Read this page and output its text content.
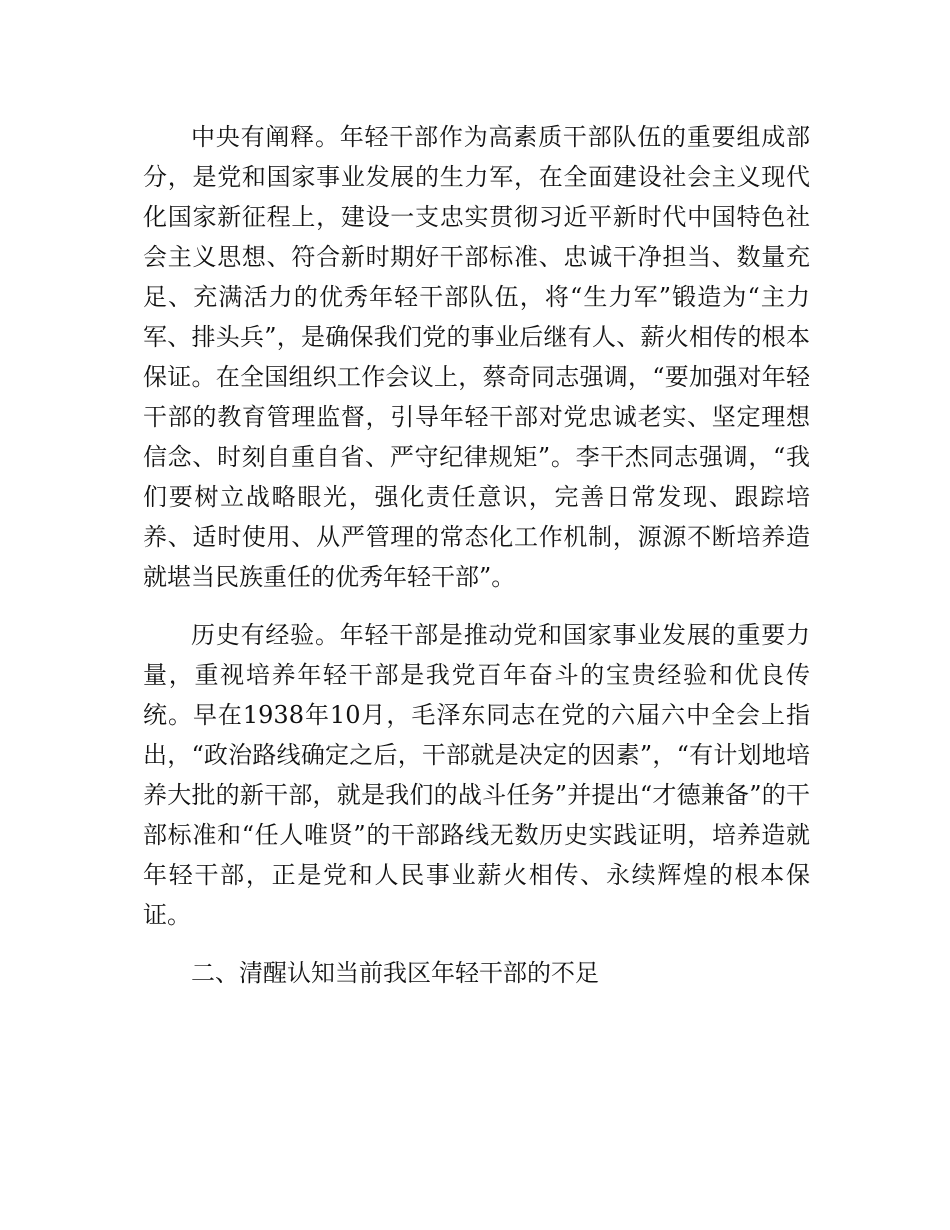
中央有阐释。年轻干部作为高素质干部队伍的重要组成部分，是党和国家事业发展的生力军，在全面建设社会主义现代化国家新征程上，建设一支忠实贯彻习近平新时代中国特色社会主义思想、符合新时期好干部标准、忠诚干净担当、数量充足、充满活力的优秀年轻干部队伍，将“生力军”锻造为“主力军、排头兵”，是确保我们党的事业后继有人、薪火相传的根本保证。在全国组织工作会议上，蔡奇同志强调，“要加强对年轻干部的教育管理监督，引导年轻干部对党忠诚老实、坚定理想信念、时刻自重自省、严守纪律规矩”。李干杰同志强调，“我们要树立战略眼光，强化责任意识，完善日常发现、跟踪培养、适时使用、从严管理的常态化工作机制，源源不断培养造就堪当民族重任的优秀年轻干部”。

历史有经验。年轻干部是推动党和国家事业发展的重要力量，重视培养年轻干部是我党百年奋斗的宝贵经验和优良传统。早在1938年10月，毛泽东同志在党的六届六中全会上指出，“政治路线确定之后，干部就是决定的因素”，“有计划地培养大批的新干部，就是我们的战斗任务”并提出“才德兼备”的干部标准和“任人唯贤”的干部路线无数历史实践证明，培养造就年轻干部，正是党和人民事业薪火相传、永续辉煌的根本保证。

二、清醒认知当前我区年轻干部的不足
